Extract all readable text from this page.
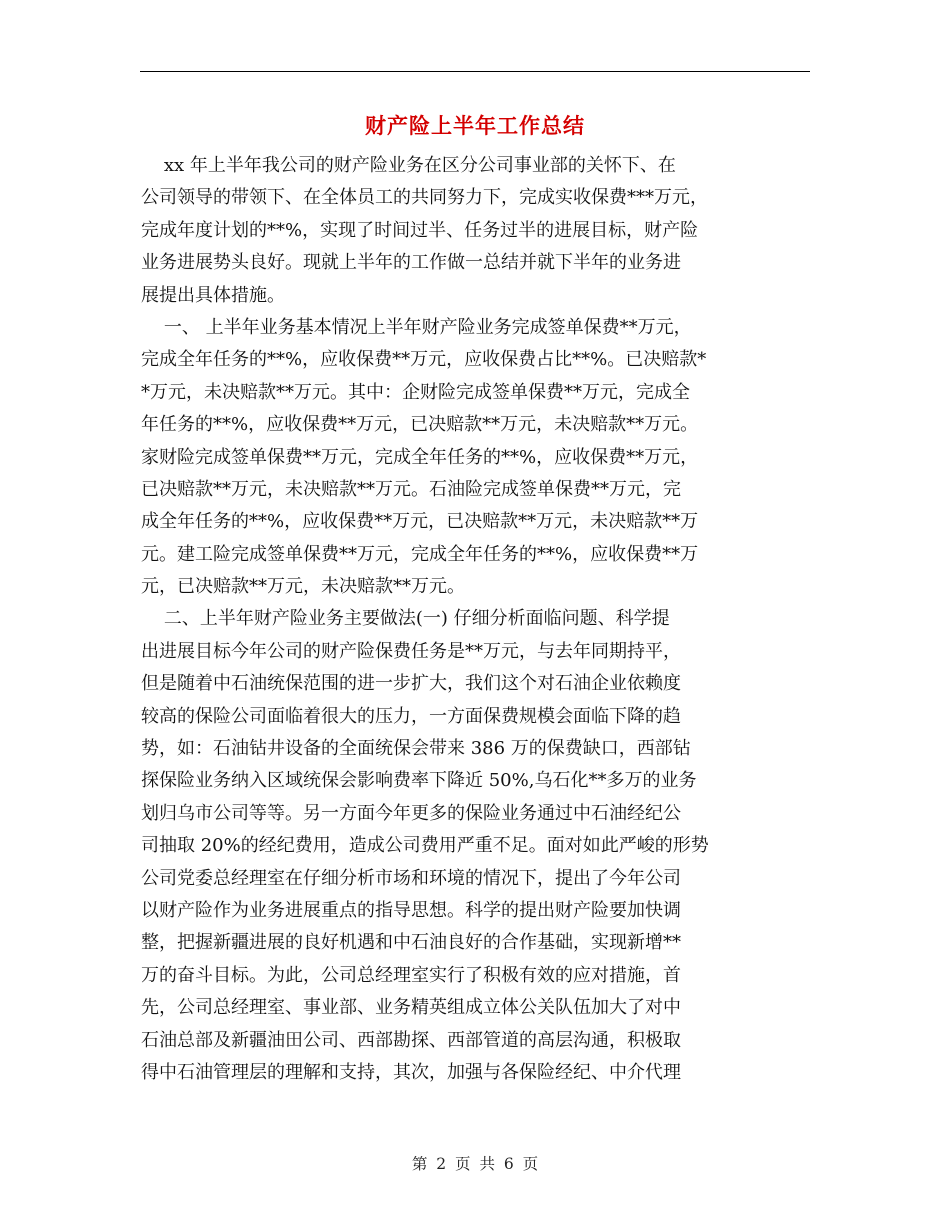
财产险上半年工作总结
xx 年上半年我公司的财产险业务在区分公司事业部的关怀下、在
公司领导的带领下、在全体员工的共同努力下，完成实收保费***万元，
完成年度计划的**%，实现了时间过半、任务过半的进展目标，财产险
业务进展势头良好。现就上半年的工作做一总结并就下半年的业务进
展提出具体措施。
一、 上半年业务基本情况上半年财产险业务完成签单保费**万元，
完成全年任务的**%，应收保费**万元，应收保费占比**%。已决赔款*
*万元，未决赔款**万元。其中：企财险完成签单保费**万元，完成全
年任务的**%，应收保费**万元，已决赔款**万元，未决赔款**万元。
家财险完成签单保费**万元，完成全年任务的**%，应收保费**万元，
已决赔款**万元，未决赔款**万元。石油险完成签单保费**万元，完
成全年任务的**%，应收保费**万元，已决赔款**万元，未决赔款**万
元。建工险完成签单保费**万元，完成全年任务的**%，应收保费**万
元，已决赔款**万元，未决赔款**万元。
二、上半年财产险业务主要做法(一) 仔细分析面临问题、科学提
出进展目标今年公司的财产险保费任务是**万元，与去年同期持平，
但是随着中石油统保范围的进一步扩大，我们这个对石油企业依赖度
较高的保险公司面临着很大的压力，一方面保费规模会面临下降的趋
势，如：石油钻井设备的全面统保会带来 386 万的保费缺口，西部钻
探保险业务纳入区域统保会影响费率下降近 50%,乌石化**多万的业务
划归乌市公司等等。另一方面今年更多的保险业务通过中石油经纪公
司抽取 20%的经纪费用，造成公司费用严重不足。面对如此严峻的形势
公司党委总经理室在仔细分析市场和环境的情况下，提出了今年公司
以财产险作为业务进展重点的指导思想。科学的提出财产险要加快调
整，把握新疆进展的良好机遇和中石油良好的合作基础，实现新增**
万的奋斗目标。为此，公司总经理室实行了积极有效的应对措施，首
先，公司总经理室、事业部、业务精英组成立体公关队伍加大了对中
石油总部及新疆油田公司、西部勘探、西部管道的高层沟通，积极取
得中石油管理层的理解和支持，其次，加强与各保险经纪、中介代理
第 2 页 共 6 页
